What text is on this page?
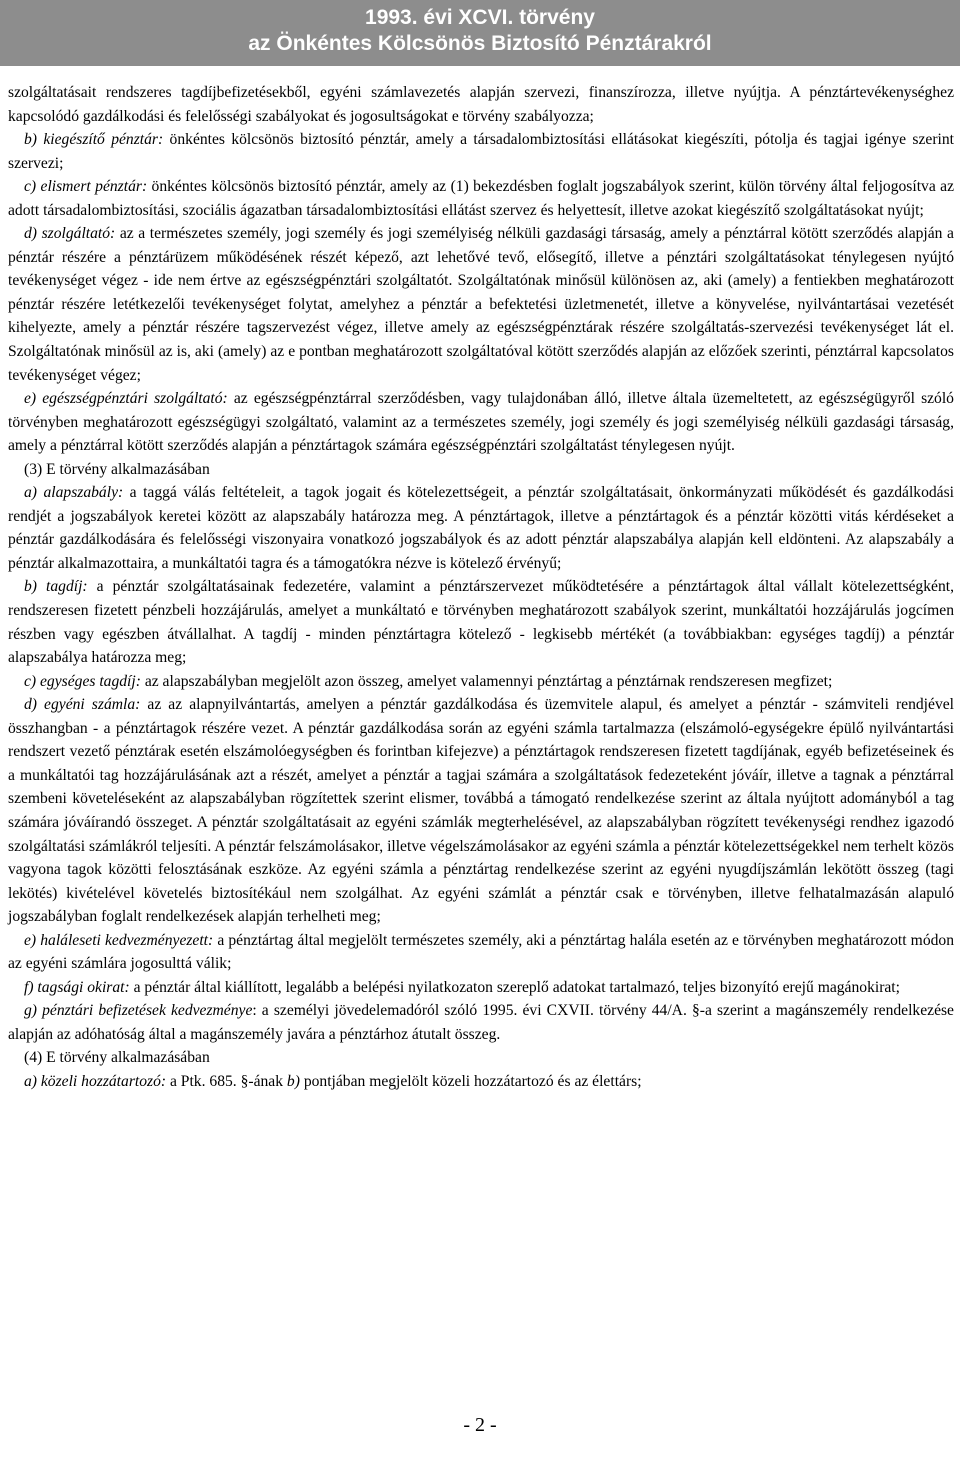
1993. évi XCVI. törvény
az Önkéntes Kölcsönös Biztosító Pénztárakról

szolgáltatásait rendszeres tagdíjbefizetésekből, egyéni számlavezetés alapján szervezi, finanszírozza, illetve nyújtja. A pénztártevékenységhez kapcsolódó gazdálkodási és felelősségi szabályokat és jogosultságokat e törvény szabályozza;

b) kiegészítő pénztár: önkéntes kölcsönös biztosító pénztár, amely a társadalombiztosítási ellátásokat kiegészíti, pótolja és tagjai igénye szerint szervezi;

c) elismert pénztár: önkéntes kölcsönös biztosító pénztár, amely az (1) bekezdésben foglalt jogszabályok szerint, külön törvény által feljogosítva az adott társadalombiztosítási, szociális ágazatban társadalombiztosítási ellátást szervez és helyettesít, illetve azokat kiegészítő szolgáltatásokat nyújt;

d) szolgáltató: az a természetes személy, jogi személy és jogi személyiség nélküli gazdasági társaság, amely a pénztárral kötött szerződés alapján a pénztár részére a pénztárüzem működésének részét képező, azt lehetővé tevő, elősegítő, illetve a pénztári szolgáltatásokat ténylegesen nyújtó tevékenységet végez - ide nem értve az egészségpénztári szolgáltatót. Szolgáltatónak minősül különösen az, aki (amely) a fentiekben meghatározott pénztár részére letétkezelői tevékenységet folytat, amelyhez a pénztár a befektetési üzletmenetét, illetve a könyvelése, nyilvántartásai vezetését kihelyezte, amely a pénztár részére tagszervezést végez, illetve amely az egészségpénztárak részére szolgáltatás-szervezési tevékenységet lát el. Szolgáltatónak minősül az is, aki (amely) az e pontban meghatározott szolgáltatóval kötött szerződés alapján az előzőek szerinti, pénztárral kapcsolatos tevékenységet végez;

e) egészségpénztári szolgáltató: az egészségpénztárral szerződésben, vagy tulajdonában álló, illetve általa üzemeltetett, az egészségügyről szóló törvényben meghatározott egészségügyi szolgáltató, valamint az a természetes személy, jogi személy és jogi személyiség nélküli gazdasági társaság, amely a pénztárral kötött szerződés alapján a pénztártagok számára egészségpénztári szolgáltatást ténylegesen nyújt.

(3) E törvény alkalmazásában

a) alapszabály: a taggá válás feltételeit, a tagok jogait és kötelezettségeit, a pénztár szolgáltatásait, önkormányzati működését és gazdálkodási rendjét a jogszabályok keretei között az alapszabály határozza meg. A pénztártagok, illetve a pénztártagok és a pénztár közötti vitás kérdéseket a pénztár gazdálkodására és felelősségi viszonyaira vonatkozó jogszabályok és az adott pénztár alapszabálya alapján kell eldönteni. Az alapszabály a pénztár alkalmazottaira, a munkáltatói tagra és a támogatókra nézve is kötelező érvényű;

b) tagdíj: a pénztár szolgáltatásainak fedezetére, valamint a pénztárszervezet működtetésére a pénztártagok által vállalt kötelezettségként, rendszeresen fizetett pénzbeli hozzájárulás, amelyet a munkáltató e törvényben meghatározott szabályok szerint, munkáltatói hozzájárulás jogcímen részben vagy egészben átvállalhat. A tagdíj - minden pénztártagra kötelező - legkisebb mértékét (a továbbiakban: egységes tagdíj) a pénztár alapszabálya határozza meg;

c) egységes tagdíj: az alapszabályban megjelölt azon összeg, amelyet valamennyi pénztártag a pénztárnak rendszeresen megfizet;

d) egyéni számla: az az alapnyilvántartás, amelyen a pénztár gazdálkodása és üzemvitele alapul, és amelyet a pénztár - számviteli rendjével összhangban - a pénztártagok részére vezet. A pénztár gazdálkodása során az egyéni számla tartalmazza (elszámoló-egységekre épülő nyilvántartási rendszert vezető pénztárak esetén elszámolóegységben és forintban kifejezve) a pénztártagok rendszeresen fizetett tagdíjának, egyéb befizetéseinek és a munkáltatói tag hozzájárulásának azt a részét, amelyet a pénztár a tagjai számára a szolgáltatások fedezeteként jóváír, illetve a tagnak a pénztárral szembeni követeléseként az alapszabályban rögzítettek szerint elismer, továbbá a támogató rendelkezése szerint az általa nyújtott adományból a tag számára jóváírandó összeget. A pénztár szolgáltatásait az egyéni számlák megterhelésével, az alapszabályban rögzített tevékenységi rendhez igazodó szolgáltatási számlákról teljesíti. A pénztár felszámolásakor, illetve végelszámolásakor az egyéni számla a pénztár kötelezettségekkel nem terhelt közös vagyona tagok közötti felosztásának eszköze. Az egyéni számla a pénztártag rendelkezése szerint az egyéni nyugdíjszámlán lekötött összeg (tagi lekötés) kivételével követelés biztosítékául nem szolgálhat. Az egyéni számlát a pénztár csak e törvényben, illetve felhatalmazásán alapuló jogszabályban foglalt rendelkezések alapján terhelheti meg;

e) haláleseti kedvezményezett: a pénztártag által megjelölt természetes személy, aki a pénztártag halála esetén az e törvényben meghatározott módon az egyéni számlára jogosulttá válik;

f) tagsági okirat: a pénztár által kiállított, legalább a belépési nyilatkozaton szereplő adatokat tartalmazó, teljes bizonyító erejű magánokirat;

g) pénztári befizetések kedvezménye: a személyi jövedelemadóról szóló 1995. évi CXVII. törvény 44/A. §-a szerint a magánszemély rendelkezése alapján az adóhatóság által a magánszemély javára a pénztárhoz átutalt összeg.

(4) E törvény alkalmazásában

a) közeli hozzátartozó: a Ptk. 685. §-ának b) pontjában megjelölt közeli hozzátartozó és az élettárs;

- 2 -
